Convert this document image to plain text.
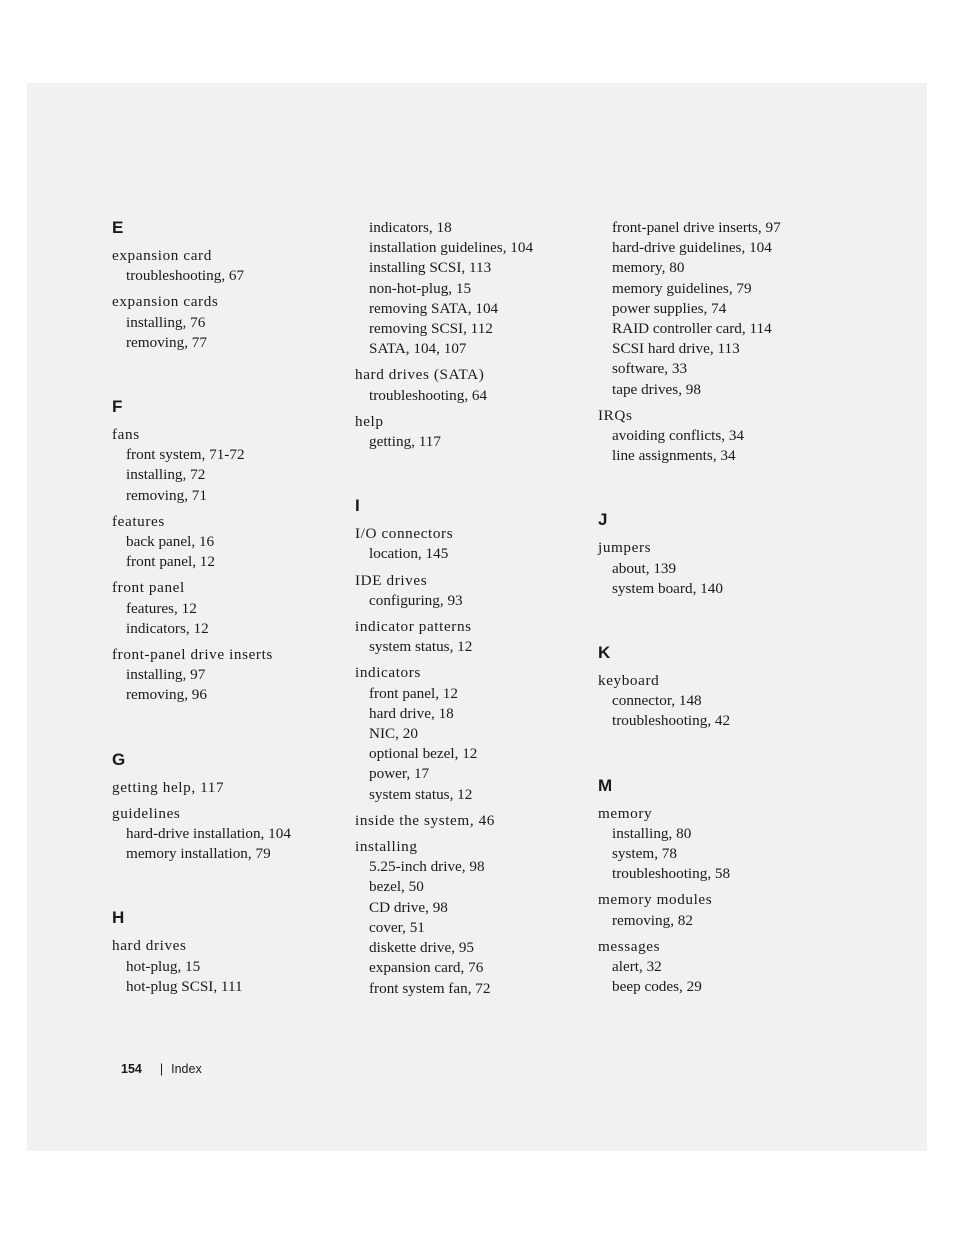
E
expansion card
troubleshooting, 67
expansion cards
installing, 76
removing, 77
F
fans
front system, 71-72
installing, 72
removing, 71
features
back panel, 16
front panel, 12
front panel
features, 12
indicators, 12
front-panel drive inserts
installing, 97
removing, 96
G
getting help, 117
guidelines
hard-drive installation, 104
memory installation, 79
H
hard drives
hot-plug, 15
hot-plug SCSI, 111
indicators, 18
installation guidelines, 104
installing SCSI, 113
non-hot-plug, 15
removing SATA, 104
removing SCSI, 112
SATA, 104, 107
hard drives (SATA)
troubleshooting, 64
help
getting, 117
I
I/O connectors
location, 145
IDE drives
configuring, 93
indicator patterns
system status, 12
indicators
front panel, 12
hard drive, 18
NIC, 20
optional bezel, 12
power, 17
system status, 12
inside the system, 46
installing
5.25-inch drive, 98
bezel, 50
CD drive, 98
cover, 51
diskette drive, 95
expansion card, 76
front system fan, 72
front-panel drive inserts, 97
hard-drive guidelines, 104
memory, 80
memory guidelines, 79
power supplies, 74
RAID controller card, 114
SCSI hard drive, 113
software, 33
tape drives, 98
IRQs
avoiding conflicts, 34
line assignments, 34
J
jumpers
about, 139
system board, 140
K
keyboard
connector, 148
troubleshooting, 42
M
memory
installing, 80
system, 78
troubleshooting, 58
memory modules
removing, 82
messages
alert, 32
beep codes, 29
154 | Index
